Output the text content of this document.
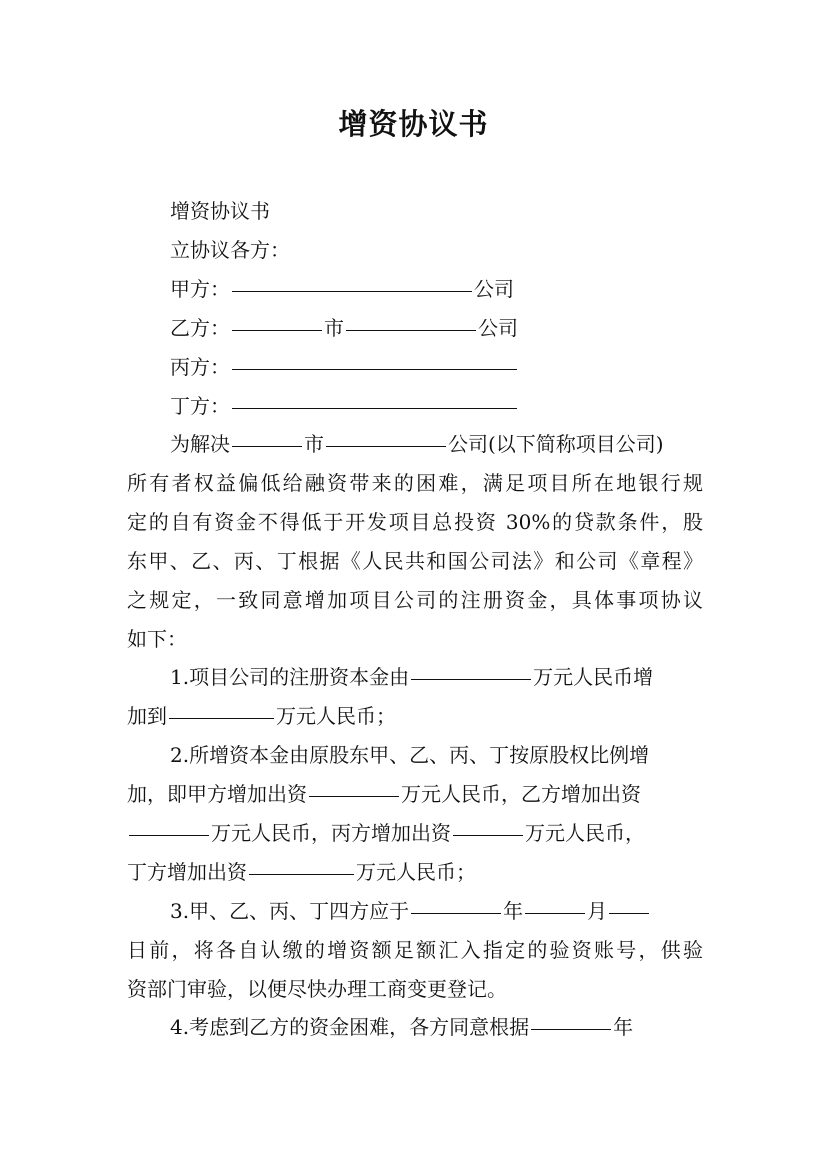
增资协议书
增资协议书
立协议各方：
甲方：	公司
乙方：	市	公司
丙方：
丁方：
为解决	市	公司(以下简称项目公司)
所有者权益偏低给融资带来的困难，满足项目所在地银行规
定的自有资金不得低于开发项目总投资 30%的贷款条件，股
东甲、乙、丙、丁根据《人民共和国公司法》和公司《章程》
之规定，一致同意增加项目公司的注册资金，具体事项协议
如下：
1.项目公司的注册资本金由	万元人民币增
加到	万元人民币；
2.所增资本金由原股东甲、乙、丙、丁按原股权比例增
加，即甲方增加出资	万元人民币，乙方增加出资
万元人民币，丙方增加出资	万元人民币，
丁方增加出资	万元人民币；
3.甲、乙、丙、丁四方应于	年	月
日前，将各自认缴的增资额足额汇入指定的验资账号，供验
资部门审验，以便尽快办理工商变更登记。
4.考虑到乙方的资金困难，各方同意根据	年
